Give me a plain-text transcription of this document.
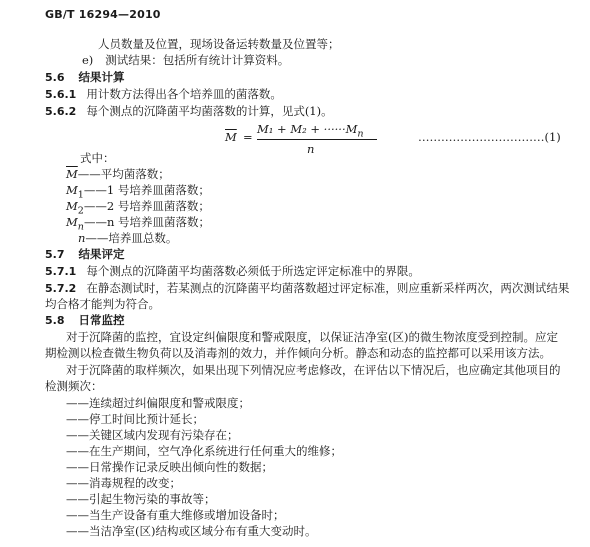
GB/T 16294—2010
人员数量及位置，现场设备运转数量及位置等；
e) 测试结果：包括所有统计计算资料。
5.6 结果计算
5.6.1 用计数方法得出各个培养皿的菌落数。
5.6.2 每个测点的沉降菌平均菌落数的计算，见式(1)。
$\overline{M}$ =
$M_1 + M_2 + \cdot\cdot\cdot\cdot\cdot\cdot M_n$
n
……………………………(1)
式中：
$\overline{M}——$平均菌落数；
$M_1——1$ 号培养皿菌落数；
$M_2——2$ 号培养皿菌落数；
$M_n——n$ 号培养皿菌落数；
n——培养皿总数。
5.7 结果评定
5.7.1 每个测点的沉降菌平均菌落数必须低于所选定评定标准中的界限。
5.7.2 在静态测试时，若某测点的沉降菌平均菌落数超过评定标准，则应重新采样两次，两次测试结果
均合格才能判为符合。
5.8 日常监控
对于沉降菌的监控，宜设定纠偏限度和警戒限度，以保证洁净室(区)的微生物浓度受到控制。应定
期检测以检查微生物负荷以及消毒剂的效力，并作倾向分析。静态和动态的监控都可以采用该方法。
对于沉降菌的取样频次，如果出现下列情况应考虑修改，在评估以下情况后，也应确定其他项目的
检测频次：
——连续超过纠偏限度和警戒限度；
——停工时间比预计延长；
——关键区域内发现有污染存在；
——在生产期间，空气净化系统进行任何重大的维修；
——日常操作记录反映出倾向性的数据；
——消毒规程的改变；
——引起生物污染的事故等；
——当生产设备有重大维修或增加设备时；
——当洁净室(区)结构或区域分布有重大变动时。
